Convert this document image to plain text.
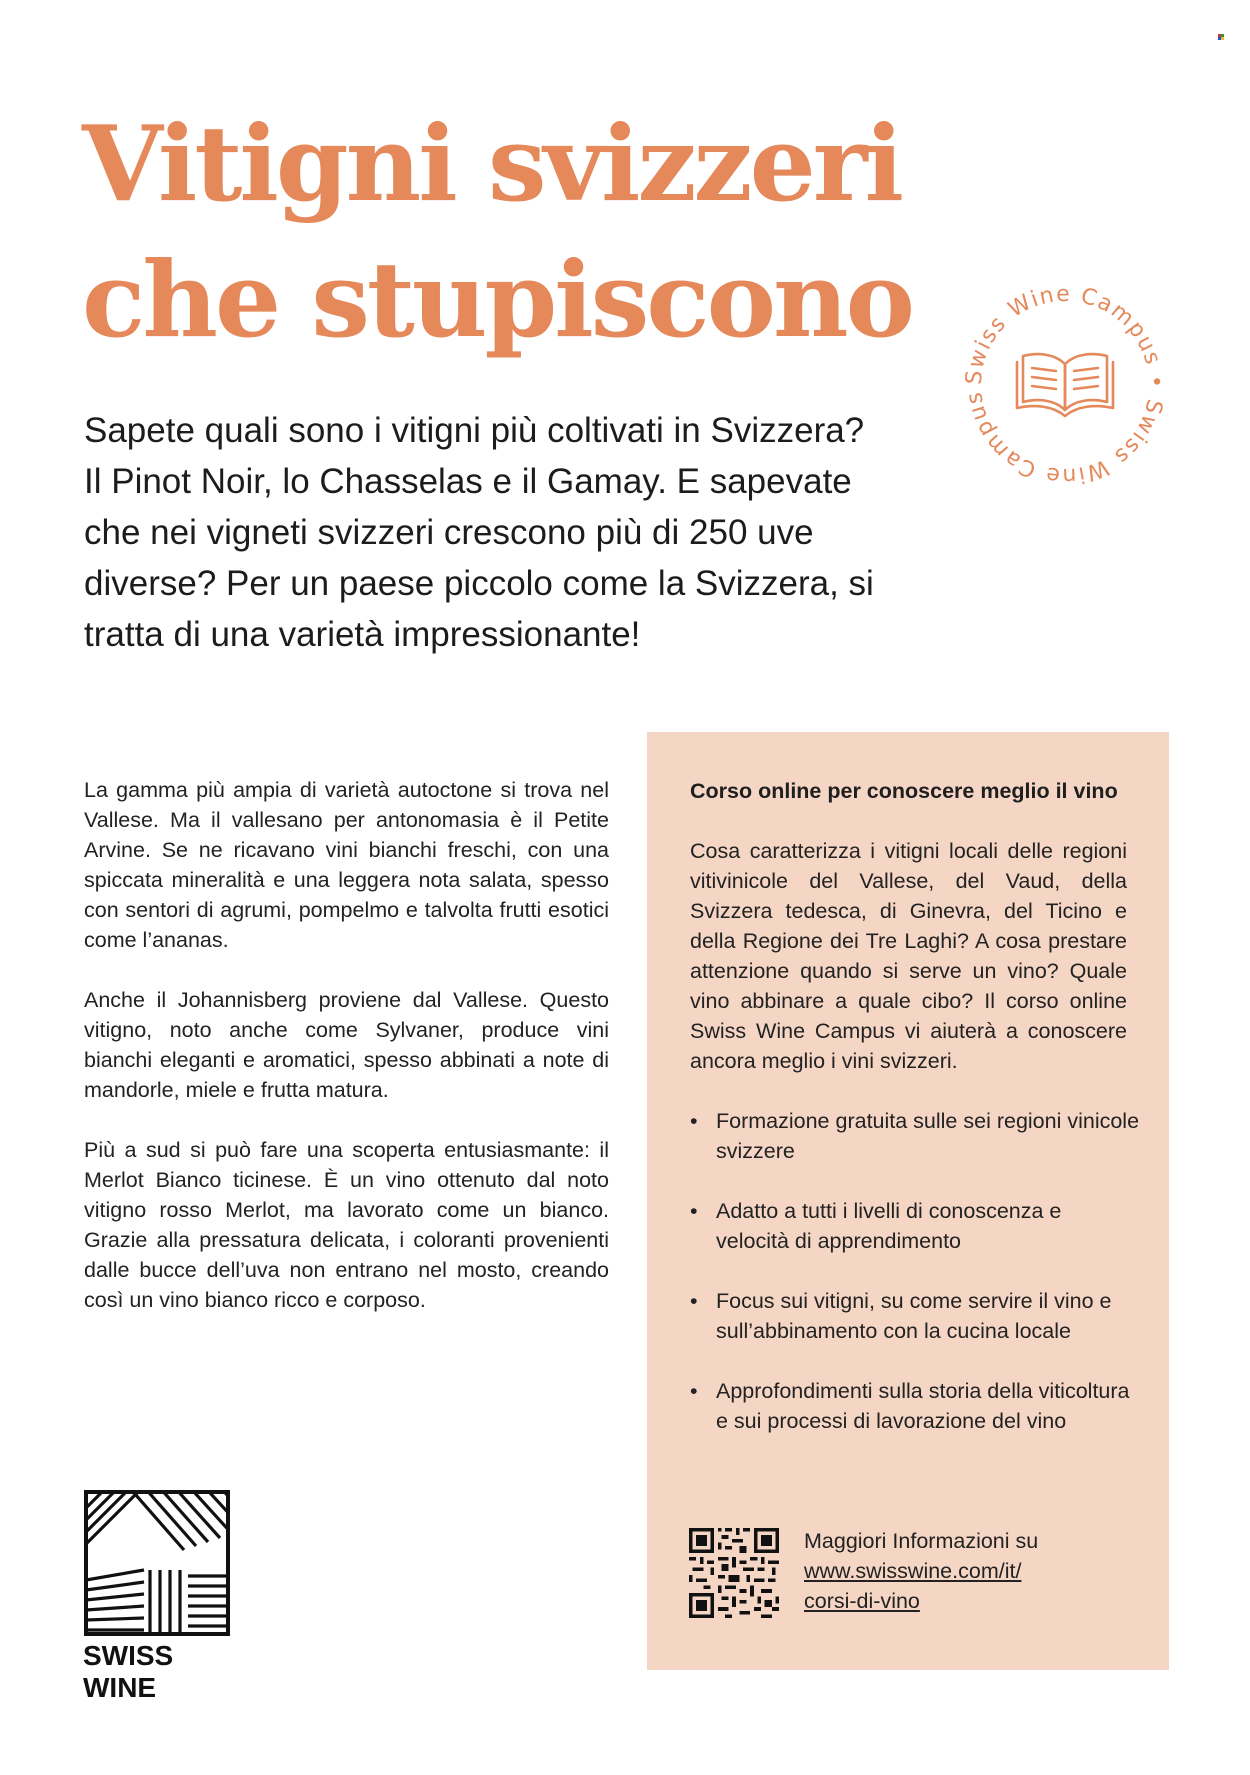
Vitigni svizzeri
che stupiscono
Swiss Wine Campus • Swiss Wine Campus

Sapete quali sono i vitigni più coltivati in Svizzera? Il Pinot Noir, lo Chasselas e il Gamay. E sapevate che nei vigneti svizzeri crescono più di 250 uve diverse? Per un paese piccolo come la Svizzera, si tratta di una varietà impressionante!

La gamma più ampia di varietà autoctone si trova nel Vallese. Ma il vallesano per antonomasia è il Petite Arvine. Se ne ricavano vini bianchi freschi, con una spiccata mineralità e una leggera nota salata, spesso con sentori di agrumi, pompelmo e talvolta frutti esotici come l’ananas.

Anche il Johannisberg proviene dal Vallese. Questo vitigno, noto anche come Sylvaner, produce vini bianchi eleganti e aromatici, spesso abbinati a note di mandorle, miele e frutta matura.

Più a sud si può fare una scoperta entusiasmante: il Merlot Bianco ticinese. È un vino ottenuto dal noto vitigno rosso Merlot, ma lavorato come un bianco. Grazie alla pressatura delicata, i coloranti provenienti dalle bucce dell’uva non entrano nel mosto, creando così un vino bianco ricco e corposo.

Corso online per conoscere meglio il vino

Cosa caratterizza i vitigni locali delle regioni vitivinicole del Vallese, del Vaud, della Svizzera tedesca, di Ginevra, del Ticino e della Regione dei Tre Laghi? A cosa prestare attenzione quando si serve un vino? Quale vino abbinare a quale cibo? Il corso online Swiss Wine Campus vi aiuterà a conoscere ancora meglio i vini svizzeri.

• Formazione gratuita sulle sei regioni vinicole svizzere
• Adatto a tutti i livelli di conoscenza e velocità di apprendimento
• Focus sui vitigni, su come servire il vino e sull’abbinamento con la cucina locale
• Approfondimenti sulla storia della viticoltura e sui processi di lavorazione del vino
Maggiori Informazioni su
www.swisswine.com/it/
corsi-di-vino

SWISS WINE
